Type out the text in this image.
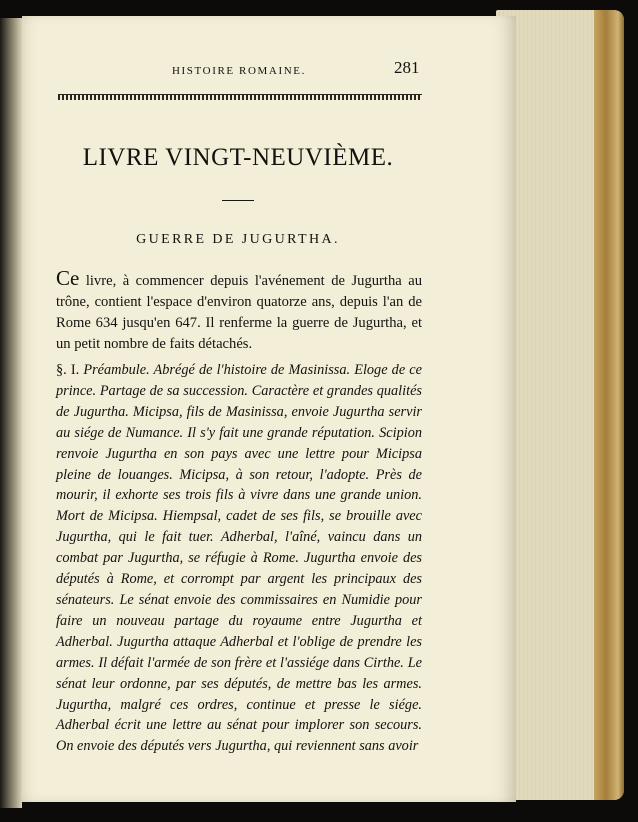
HISTOIRE ROMAINE.	281
LIVRE VINGT-NEUVIÈME.
GUERRE DE JUGURTHA.
Ce livre, à commencer depuis l'avénement de Jugurtha au trône, contient l'espace d'environ quatorze ans, depuis l'an de Rome 634 jusqu'en 647. Il renferme la guerre de Jugurtha, et un petit nombre de faits détachés.
§. I. Préambule. Abrégé de l'histoire de Masinissa. Eloge de ce prince. Partage de sa succession. Caractère et grandes qualités de Jugurtha. Micipsa, fils de Masinissa, envoie Jugurtha servir au siége de Numance. Il s'y fait une grande réputation. Scipion renvoie Jugurtha en son pays avec une lettre pour Micipsa pleine de louanges. Micipsa, à son retour, l'adopte. Près de mourir, il exhorte ses trois fils à vivre dans une grande union. Mort de Micipsa. Hiempsal, cadet de ses fils, se brouille avec Jugurtha, qui le fait tuer. Adherbal, l'aîné, vaincu dans un combat par Jugurtha, se réfugie à Rome. Jugurtha envoie des députés à Rome, et corrompt par argent les principaux des sénateurs. Le sénat envoie des commissaires en Numidie pour faire un nouveau partage du royaume entre Jugurtha et Adherbal. Jugurtha attaque Adherbal et l'oblige de prendre les armes. Il défait l'armée de son frère et l'assiége dans Cirthe. Le sénat leur ordonne, par ses députés, de mettre bas les armes. Jugurtha, malgré ces ordres, continue et presse le siége. Adherbal écrit une lettre au sénat pour implorer son secours. On envoie des députés vers Jugurtha, qui reviennent sans avoir
